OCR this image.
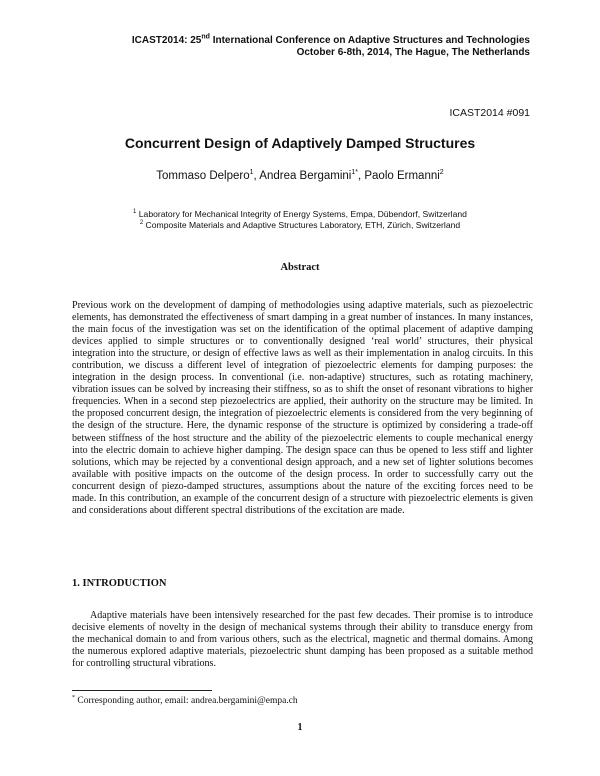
ICAST2014: 25nd International Conference on Adaptive Structures and Technologies
October 6-8th, 2014, The Hague, The Netherlands
ICAST2014 #091
Concurrent Design of Adaptively Damped Structures
Tommaso Delpero$^1$, Andrea Bergamini$^{1*}$, Paolo Ermanni$^2$
$^1$ Laboratory for Mechanical Integrity of Energy Systems, Empa, Dübendorf, Switzerland
$^2$ Composite Materials and Adaptive Structures Laboratory, ETH, Zürich, Switzerland
Abstract

Previous work on the development of damping of methodologies using adaptive materials, such as piezoelectric elements, has demonstrated the effectiveness of smart damping in a great number of instances. In many instances, the main focus of the investigation was set on the identification of the optimal placement of adaptive damping devices applied to simple structures or to conventionally designed ‘real world’ structures, their physical integration into the structure, or design of effective laws as well as their implementation in analog circuits. In this contribution, we discuss a different level of integration of piezoelectric elements for damping purposes: the integration in the design process. In conventional (i.e. non-adaptive) structures, such as rotating machinery, vibration issues can be solved by increasing their stiffness, so as to shift the onset of resonant vibrations to higher frequencies. When in a second step piezoelectrics are applied, their authority on the structure may be limited. In the proposed concurrent design, the integration of piezoelectric elements is considered from the very beginning of the design of the structure. Here, the dynamic response of the structure is optimized by considering a trade-off between stiffness of the host structure and the ability of the piezoelectric elements to couple mechanical energy into the electric domain to achieve higher damping. The design space can thus be opened to less stiff and lighter solutions, which may be rejected by a conventional design approach, and a new set of lighter solutions becomes available with positive impacts on the outcome of the design process. In order to successfully carry out the concurrent design of piezo-damped structures, assumptions about the nature of the exciting forces need to be made. In this contribution, an example of the concurrent design of a structure with piezoelectric elements is given and considerations about different spectral distributions of the excitation are made.

1. INTRODUCTION

Adaptive materials have been intensively researched for the past few decades. Their promise is to introduce decisive elements of novelty in the design of mechanical systems through their ability to transduce energy from the mechanical domain to and from various others, such as the electrical, magnetic and thermal domains. Among the numerous explored adaptive materials, piezoelectric shunt damping has been proposed as a suitable method for controlling structural vibrations.

* Corresponding author, email: andrea.bergamini@empa.ch
1
